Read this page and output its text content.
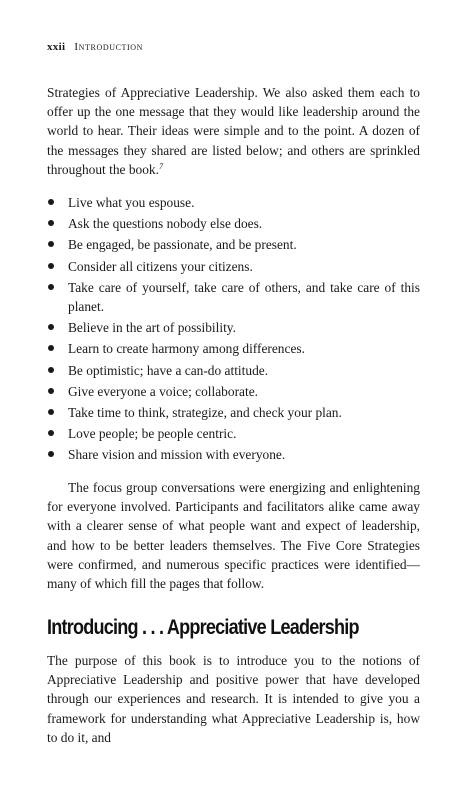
xxii Introduction

Strategies of Appreciative Leadership. We also asked them each to offer up the one message that they would like leadership around the world to hear. Their ideas were simple and to the point. A dozen of the messages they shared are listed below; and others are sprinkled throughout the book.$^7$

Live what you espouse.
Ask the questions nobody else does.
Be engaged, be passionate, and be present.
Consider all citizens your citizens.
Take care of yourself, take care of others, and take care of this planet.
Believe in the art of possibility.
Learn to create harmony among differences.
Be optimistic; have a can-do attitude.
Give everyone a voice; collaborate.
Take time to think, strategize, and check your plan.
Love people; be people centric.
Share vision and mission with everyone.

The focus group conversations were energizing and enlightening for everyone involved. Participants and facilitators alike came away with a clearer sense of what people want and expect of leadership, and how to be better leaders themselves. The Five Core Strategies were confirmed, and numerous specific practices were identified—many of which fill the pages that follow.

Introducing . . . Appreciative Leadership

The purpose of this book is to introduce you to the notions of Appreciative Leadership and positive power that have developed through our experiences and research. It is intended to give you a framework for understanding what Appreciative Leadership is, how to do it, and
